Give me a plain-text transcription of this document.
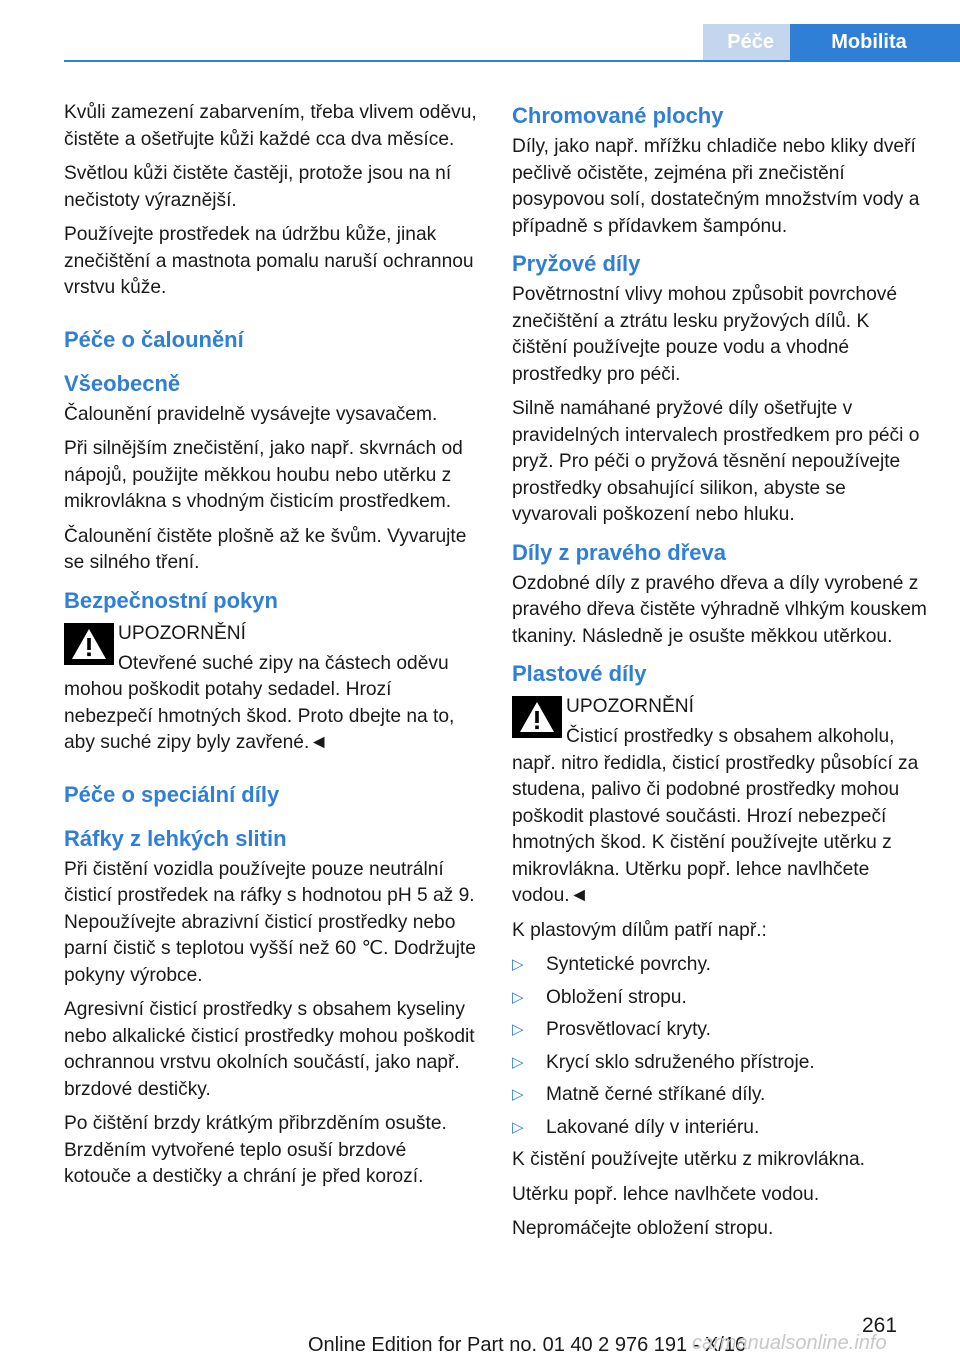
Péče	Mobilita

Kvůli zamezení zabarvením, třeba vlivem oděvu, čistěte a ošetřujte kůži každé cca dva měsíce.

Světlou kůži čistěte častěji, protože jsou na ní nečistoty výraznější.

Používejte prostředek na údržbu kůže, jinak znečištění a mastnota pomalu naruší ochrannou vrstvu kůže.

Péče o čalounění
Všeobecně

Čalounění pravidelně vysávejte vysavačem.

Při silnějším znečistění, jako např. skvrnách od nápojů, použijte měkkou houbu nebo utěrku z mikrovlákna s vhodným čisticím prostředkem.

Čalounění čistěte plošně až ke švům. Vyvarujte se silného tření.

Bezpečnostní pokyn
UPOZORNĚNÍ
Otevřené suché zipy na částech oděvu mohou poškodit potahy sedadel. Hrozí nebezpečí hmotných škod. Proto dbejte na to, aby suché zipy byly zavřené.◄
Péče o speciální díly
Ráfky z lehkých slitin

Při čistění vozidla používejte pouze neutrální čisticí prostředek na ráfky s hodnotou pH 5 až 9. Nepoužívejte abrazivní čisticí prostředky nebo parní čistič s teplotou vyšší než 60 ℃. Dodržujte pokyny výrobce.

Agresivní čisticí prostředky s obsahem kyseliny nebo alkalické čisticí prostředky mohou poškodit ochrannou vrstvu okolních součástí, jako např. brzdové destičky.

Po čištění brzdy krátkým přibrzděním osušte. Brzděním vytvořené teplo osuší brzdové kotouče a destičky a chrání je před korozí.

Chromované plochy

Díly, jako např. mřížku chladiče nebo kliky dveří pečlivě očistěte, zejména při znečistění posypovou solí, dostatečným množstvím vody a případně s přídavkem šampónu.

Pryžové díly

Povětrnostní vlivy mohou způsobit povrchové znečištění a ztrátu lesku pryžových dílů. K čištění používejte pouze vodu a vhodné prostředky pro péči.

Silně namáhané pryžové díly ošetřujte v pravidelných intervalech prostředkem pro péči o pryž. Pro péči o pryžová těsnění nepoužívejte prostředky obsahující silikon, abyste se vyvarovali poškození nebo hluku.

Díly z pravého dřeva

Ozdobné díly z pravého dřeva a díly vyrobené z pravého dřeva čistěte výhradně vlhkým kouskem tkaniny. Následně je osušte měkkou utěrkou.

Plastové díly
UPOZORNĚNÍ
Čisticí prostředky s obsahem alkoholu, např. nitro ředidla, čisticí prostředky působící za studena, palivo či podobné prostředky mohou poškodit plastové součásti. Hrozí nebezpečí hmotných škod. K čistění používejte utěrku z mikrovlákna. Utěrku popř. lehce navlhčete vodou.◄

K plastovým dílům patří např.:

▷	Syntetické povrchy.
▷	Obložení stropu.
▷	Prosvětlovací kryty.
▷	Krycí sklo sdruženého přístroje.
▷	Matně černé stříkané díly.
▷	Lakované díly v interiéru.

K čistění používejte utěrku z mikrovlákna.

Utěrku popř. lehce navlhčete vodou.

Nepromáčejte obložení stropu.

261
Online Edition for Part no. 01 40 2 976 191 - X/16
carmanualsonline.info
